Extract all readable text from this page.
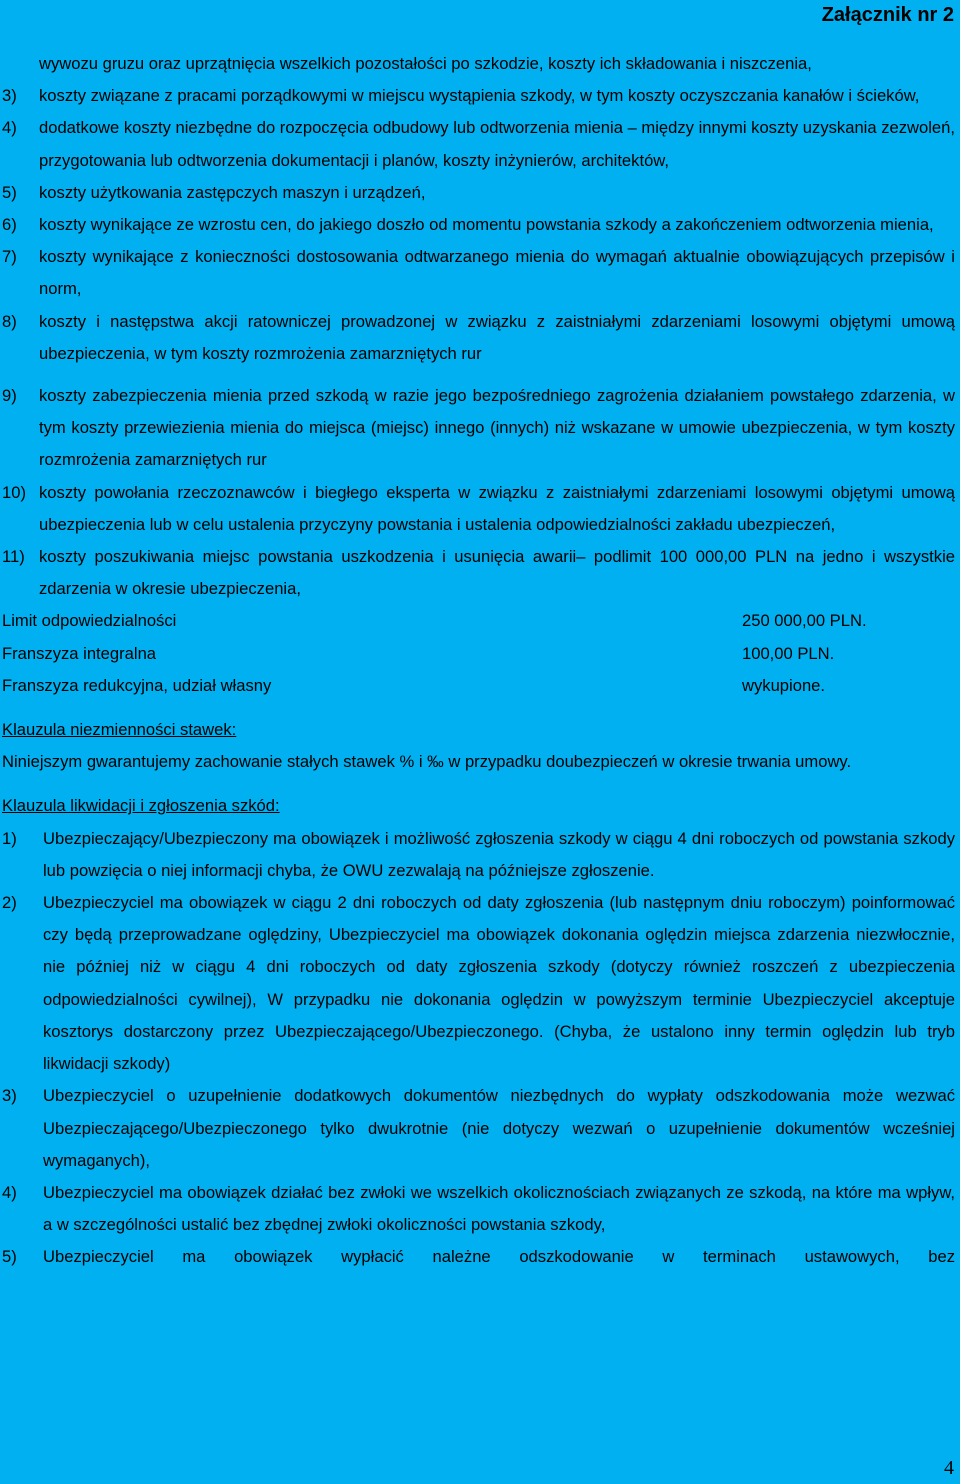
Załącznik nr 2
wywozu gruzu oraz uprzątnięcia wszelkich pozostałości po szkodzie, koszty ich składowania i niszczenia,
3)	koszty związane z pracami porządkowymi w miejscu wystąpienia szkody, w tym koszty oczyszczania kanałów i ścieków,
4)	dodatkowe koszty niezbędne do rozpoczęcia odbudowy lub odtworzenia mienia – między innymi koszty uzyskania zezwoleń, przygotowania lub odtworzenia dokumentacji i planów, koszty inżynierów, architektów,
5)	koszty użytkowania zastępczych maszyn i urządzeń,
6)	koszty wynikające ze wzrostu cen, do jakiego doszło od momentu powstania szkody a zakończeniem odtworzenia mienia,
7)	koszty wynikające z konieczności dostosowania odtwarzanego mienia do wymagań aktualnie obowiązujących przepisów i norm,
8)	koszty i następstwa akcji ratowniczej prowadzonej w związku z zaistniałymi zdarzeniami losowymi objętymi umową ubezpieczenia, w tym koszty rozmrożenia zamarzniętych rur
9)	koszty zabezpieczenia mienia przed szkodą w razie jego bezpośredniego zagrożenia działaniem powstałego zdarzenia, w tym koszty przewiezienia mienia do miejsca (miejsc) innego (innych) niż wskazane w umowie ubezpieczenia, w tym koszty rozmrożenia zamarzniętych rur
10) koszty powołania rzeczoznawców i biegłego eksperta w związku z zaistniałymi zdarzeniami losowymi objętymi umową ubezpieczenia lub w celu ustalenia przyczyny powstania i ustalenia odpowiedzialności zakładu ubezpieczeń,
11) koszty poszukiwania miejsc powstania uszkodzenia i usunięcia awarii– podlimit 100 000,00 PLN na jedno i wszystkie zdarzenia w okresie ubezpieczenia,
Limit odpowiedzialności	250 000,00 PLN.
Franszyza integralna	100,00 PLN.
Franszyza redukcyjna, udział własny	wykupione.
Klauzula niezmienności stawek:
Niniejszym gwarantujemy zachowanie stałych stawek % i ‰ w przypadku doubezpieczeń w okresie trwania umowy.
Klauzula likwidacji i zgłoszenia szkód:
1)	Ubezpieczający/Ubezpieczony ma obowiązek i możliwość zgłoszenia szkody w ciągu 4 dni roboczych od powstania szkody lub powzięcia o niej informacji chyba, że OWU zezwalają na późniejsze zgłoszenie.
2)	Ubezpieczyciel ma obowiązek w ciągu 2 dni roboczych od daty zgłoszenia (lub następnym dniu roboczym) poinformować czy będą przeprowadzane oględziny, Ubezpieczyciel ma obowiązek dokonania oględzin miejsca zdarzenia niezwłocznie, nie później niż w ciągu 4 dni roboczych od daty zgłoszenia szkody (dotyczy również roszczeń z ubezpieczenia odpowiedzialności cywilnej), W przypadku nie dokonania oględzin w powyższym terminie Ubezpieczyciel akceptuje kosztorys dostarczony przez Ubezpieczającego/Ubezpieczonego. (Chyba, że ustalono inny termin oględzin lub tryb likwidacji szkody)
3)	Ubezpieczyciel o uzupełnienie dodatkowych dokumentów niezbędnych do wypłaty odszkodowania może wezwać Ubezpieczającego/Ubezpieczonego tylko dwukrotnie (nie dotyczy wezwań o uzupełnienie dokumentów wcześniej wymaganych),
4)	Ubezpieczyciel ma obowiązek działać bez zwłoki we wszelkich okolicznościach związanych ze szkodą, na które ma wpływ, a w szczególności ustalić bez zbędnej zwłoki okoliczności powstania szkody,
5)	Ubezpieczyciel ma obowiązek wypłacić należne odszkodowanie w terminach ustawowych, bez
4
